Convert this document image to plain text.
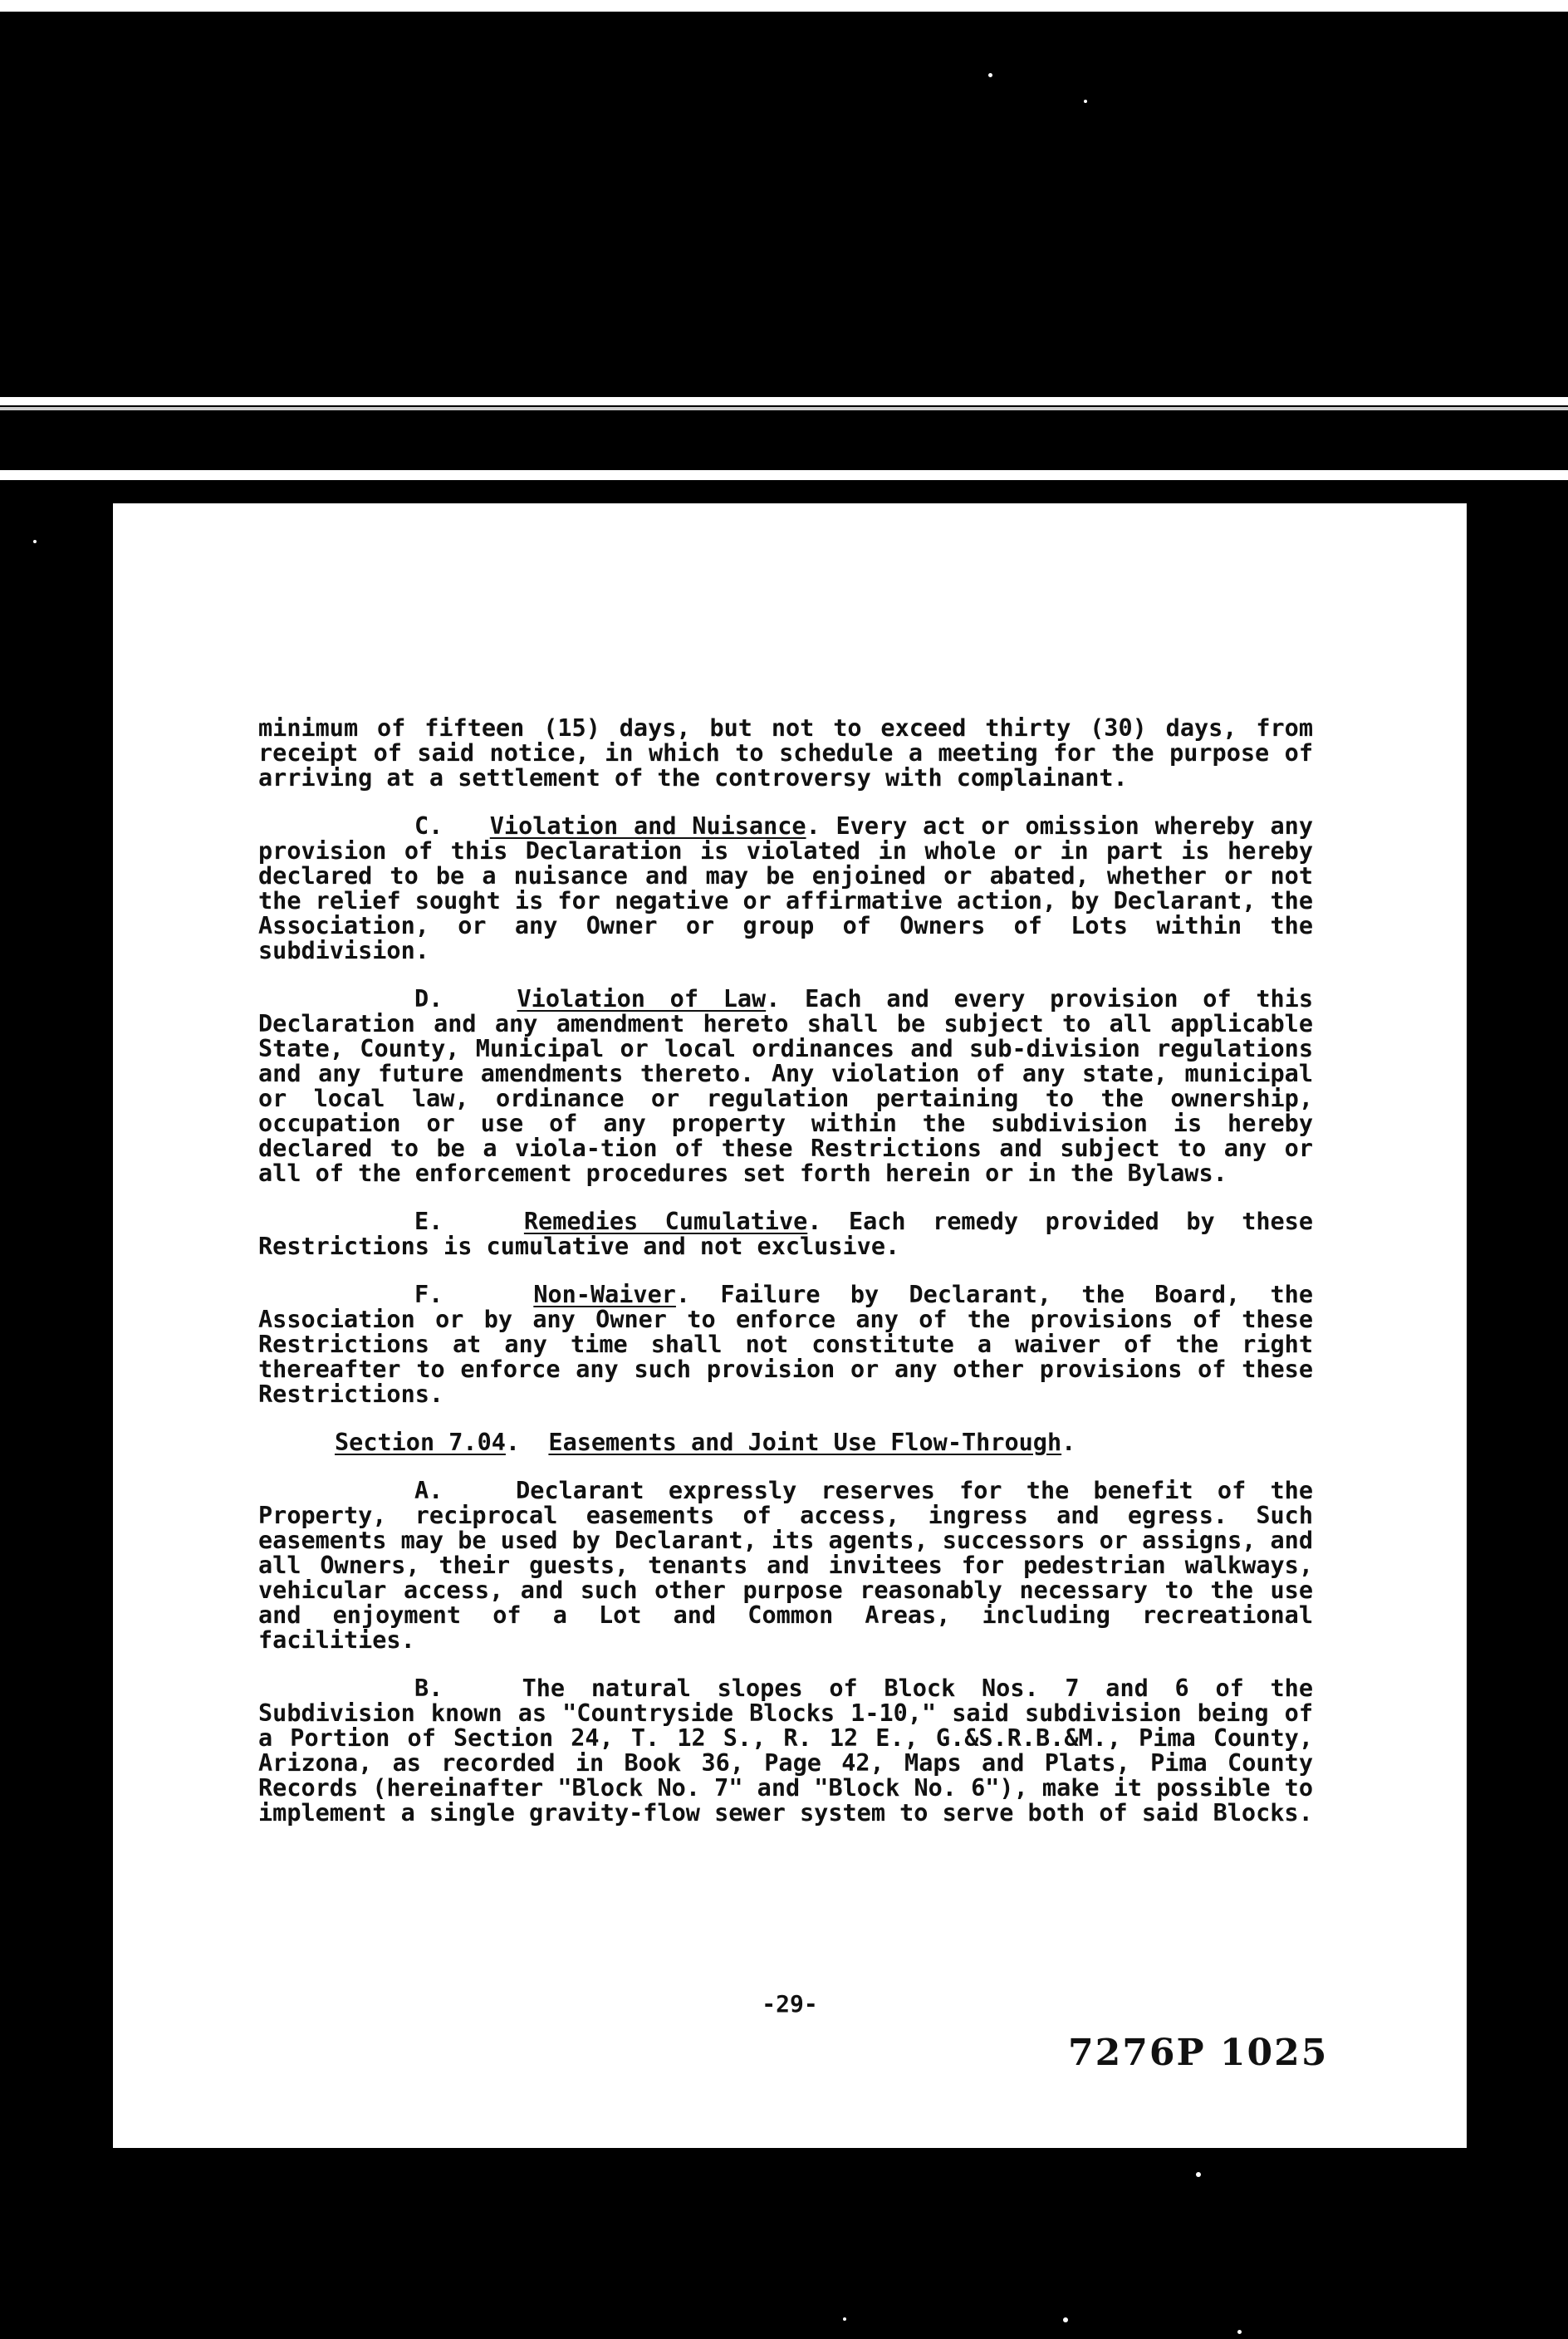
minimum of fifteen (15) days, but not to exceed thirty (30) days, from receipt of said notice, in which to schedule a meeting for the purpose of arriving at a settlement of the controversy with complainant.

C. Violation and Nuisance. Every act or omission whereby any provision of this Declaration is violated in whole or in part is hereby declared to be a nuisance and may be enjoined or abated, whether or not the relief sought is for negative or affirmative action, by Declarant, the Association, or any Owner or group of Owners of Lots within the subdivision.

D.	Violation of Law. Each and every provision of this Declaration and any amendment hereto shall be subject to all applicable State, County, Municipal or local ordinances and sub-division regulations and any future amendments thereto. Any violation of any state, municipal or local law, ordinance or regulation pertaining to the ownership, occupation or use of any property within the subdivision is hereby declared to be a viola-tion of these Restrictions and subject to any or all of the enforcement procedures set forth herein or in the Bylaws.

E.	Remedies Cumulative. Each remedy provided by these Restrictions is cumulative and not exclusive.

F.	Non-Waiver. Failure by Declarant, the Board, the Association or by any Owner to enforce any of the provisions of these Restrictions at any time shall not constitute a waiver of the right thereafter to enforce any such provision or any other provisions of these Restrictions.

Section 7.04.  Easements and Joint Use Flow-Through.

A.	Declarant expressly reserves for the benefit of the Property, reciprocal easements of access, ingress and egress. Such easements may be used by Declarant, its agents, successors or assigns, and all Owners, their guests, tenants and invitees for pedestrian walkways, vehicular access, and such other purpose reasonably necessary to the use and enjoyment of a Lot and Common Areas, including recreational facilities.

B.	The natural slopes of Block Nos. 7 and 6 of the Subdivision known as "Countryside Blocks 1-10," said subdivision being of a Portion of Section 24, T. 12 S., R. 12 E., G.&S.R.B.&M., Pima County, Arizona, as recorded in Book 36, Page 42, Maps and Plats, Pima County Records (hereinafter "Block No. 7" and "Block No. 6"), make it possible to implement a single gravity-flow sewer system to serve both of said Blocks.

-29-
7276P 1025
